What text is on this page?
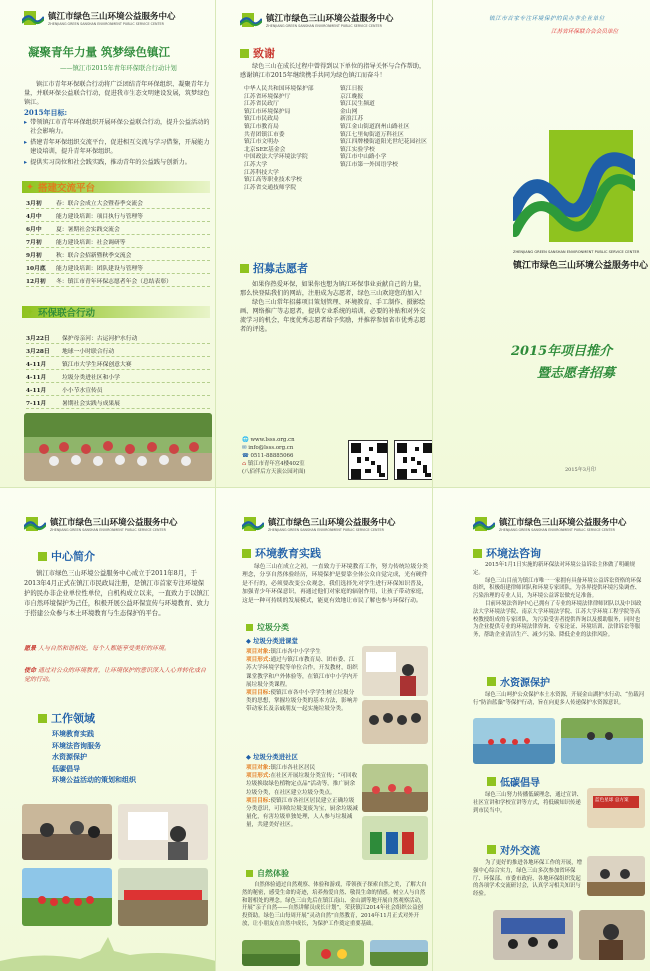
镇江市绿色三山环境公益服务中心
ZHENJIANG GREEN SANSHAN ENVIRONMENT PUBLIC SERVICE CENTER
凝聚青年力量 筑梦绿色镇江
——镇江市2015年青年环保联合行动计划

镇江市青年环保联合行动将广泛团结青年环保组织、凝聚青年力量，并联环保公益联合行动，促进我市生态文明建设发展，筑梦绿色镇江。

2015年目标:
▸ 带领镇江市青年环保组织开展环保公益联合行动，提升公益活动的社会影响力。
▸ 搭建青年环保组织交流平台，促进相互交流与学习借鉴，开展能力建设培训，提升青年环保组织。
▸ 提供实习岗位和社会践实践，推动青年的公益践与创新力。
✦ 搭建交流平台
3月初	春：联合会成立大会暨春季交流会
4月中	能力建设培训：项目执行与管理等
6月中	夏：暑期社会实践交流会
7月初	能力建设培训：社会调研等
9月初	秋：联合会招新暨秋季交流会
10月底	能力建设培训：团队建设与管理等
12月初	冬：镇江市青年环保志愿者年会（总结表彰）
✦ 环保联合行动
3月22日	保护母亲河：古运河护水行动
3月28日	地球一小时联合行动
4-11月	镇江市大学生环保创意大赛
4-11月	垃圾分类进社区和小学
4-11月	小小节水宣传员
7-11月	暑期社会实践与成果展
镇江市绿色三山环境公益服务中心
ZHENJIANG GREEN SANSHAN ENVIRONMENT PUBLIC SERVICE CENTER
致谢

绿色三山在成长过程中曾得到以下单位的指导关怀与合作帮助，感谢镇江市2015年继续携手共同为绿色镇江而奋斗！

中华人民共和国环境保护部
江苏省环境保护厅
江苏省民政厅
镇江市环境保护局
镇江市民政局
镇江市教育局
共青团镇江市委
镇江市文明办
北京SEE基金会
中国政法大学环境法学院
江苏大学
江苏科技大学
镇江高等职业技术学校
江苏省交通技师学院
镇江日报
京江晚报
镇江民生频道
金山网
新浪江苏
镇江金山街道润州山路社区
镇江七里甸街道万科社区
镇江四牌楼街道阳光世纪花园社区
镇江实验学校
镇江市中山路小学
镇江市第一外国语学校
招募志愿者

如果你热爱环保，如果你也想为镇江环保事业贡献自己的力量，那么快登陆我们的网站，注册成为志愿者，绿色三山欢迎您的加入！

绿色三山常年招募项目策划管理、环境教育、手工制作、摄影绘画、网络推广等志愿者，提供专业系统的培训，必要的补贴和对外交流学习的机会，年度优秀志愿者给予奖励，并推荐参加省市优秀志愿者的评选。

🌐 www.lsss.org.cn
✉ info@lsss.org.cn
☎ 0511-88885066
⌂ 镇江市青年宫4楼402室
(八佰伴后方天演公园对面)
镇江市首家专注环境保护的民办非企业单位
江苏省环保联合会会员单位
ZHENJIANG GREEN SANSHAN ENVIRONMENT PUBLIC SERVICE CENTER
镇江市绿色三山环境公益服务中心
2015年项目推介
暨志愿者招募
2015年3月印
镇江市绿色三山环境公益服务中心
ZHENJIANG GREEN SANSHAN ENVIRONMENT PUBLIC SERVICE CENTER
中心简介

镇江市绿色三山环境公益服务中心成立于2011年8月，于2013年4月正式在镇江市民政局注册，是镇江市首家专注环境保护的民办非企业单位性单位，自机构成立以来，一直致力于以镇江市自然环境保护为己任，积极开展公益环保宣传与环境教育、致力于搭建公众参与本土环境教育与生态保护的平台。

愿景 人与自然和谐相处，每个人都能享受美好的环境。
使命 通过对公众的环境教育，让环境保护的意识深入人心并转化成自觉的行动。
工作领域
环境教育实践
环境法咨询服务
水资源保护
低碳倡导
环境公益活动的策划和组织
镇江市绿色三山环境公益服务中心
ZHENJIANG GREEN SANSHAN ENVIRONMENT PUBLIC SERVICE CENTER
环境教育实践

绿色三山在成立之初，一直致力于环境教育工作，努力传统垃圾分类理念，分享自然体验经历，环境保护是要靠全体公众自觉完成，光有硬件是不行的，必须要改变公众观念，我们选择先对学生进行环保知识普及，加强青少年环保意识，再通过他们对家庭的辐射作用，让孩子带动家庭，这是一种可持续的发展模式，能更有效地让市民了解也参与环保行动。

垃圾分类
◆ 垃圾分类进课堂
项目对象:镇江市各中小学学生
项目形式:通过与镇江市教育局、团市委、江苏大学环境学院等单位合作，开发教材，组织课堂教学和户外体验等，在镇江市中小学内开展垃圾分类课程。
项目目标:使镇江市各中小学学生树立垃圾分类的思想，掌握垃圾分类的基本方法，影响并带动家长及亲戚朋友一起实施垃圾分类。
◆ 垃圾分类进社区
项目对象:镇江市各社区居民
项目形式:在社区开展垃圾分类宣传；“可回收垃圾换取绿色植物定点品”活动等，推广厨余垃圾分类，在社区建立垃圾分类点。
项目目标:使镇江市各社区居民建立正确垃圾分类意识，可回收垃圾变废为宝，厨余垃圾减量化，有害垃圾单独处理，人人参与垃圾减量，共建美好社区。
自然体验

自然体验通过自然观察、体验和游戏，带领孩子探索自然之美，了解大自然的秘密，感受生命的奇迹，培养热爱自然、敬畏生命的情感。树立人与自然和谐相处的理念。绿色三山先后在镇江南山、金山湖等地开展自然观察活动，开展“亲子自然——自然讲解员成长计划”，荣获镇江2014年社会组织公益创投资助。绿色三山每周开展“灵动自然”自然教育，2014年11月正式对外开放，让小朋友在自然中成长，为保护工作奠定重要基础。

镇江市绿色三山环境公益服务中心
ZHENJIANG GREEN SANSHAN ENVIRONMENT PUBLIC SERVICE CENTER
环境法咨询

2015年1月1日实施的新环保法对环境公益诉讼主体做了明确规定。

绿色三山目前为镇江市唯一一家拥有具备环境公益诉讼资格的环保组织，积极组建律师团队和环境专家团队，为各界提供环境污染调查、污染治理的专业人员，为环境公益诉讼做充足准备。

目前环境法咨询中心已拥有了专业的环境法律律师团队以及中国政法大学环境法学院、南京大学环境法学院、江苏大学环境工程学院等高校教授组成的专家团队，为污染受害者提供咨询以及援助服务，同时也为企业提供专业的环境法律咨询、专家论证、环境培训、法律诉讼等服务，帮助企业清洁生产、减少污染、降低企业的法律风险。

水资源保护

绿色三山呵护公众保护本土水资源，开展金山湖护水行动、“鱼载河行”防治蓝藻”等保护行动，旨在向更多人传递保护水资源意识。

低碳倡导

绿色三山努力传播低碳理念，通过宣讲、社区宣讲和学校宣讲等方式，将低碳知识传递到市民当中。

蓝色星球 总方案
对外交流

为了更好的推进各地环保工作的开展，增强中心综合实力，绿色三山多次参加省环保厅、环保部、市委市政府、各地环保组织发起的各项学术交流研讨会，认真学习相关知识与经验。
